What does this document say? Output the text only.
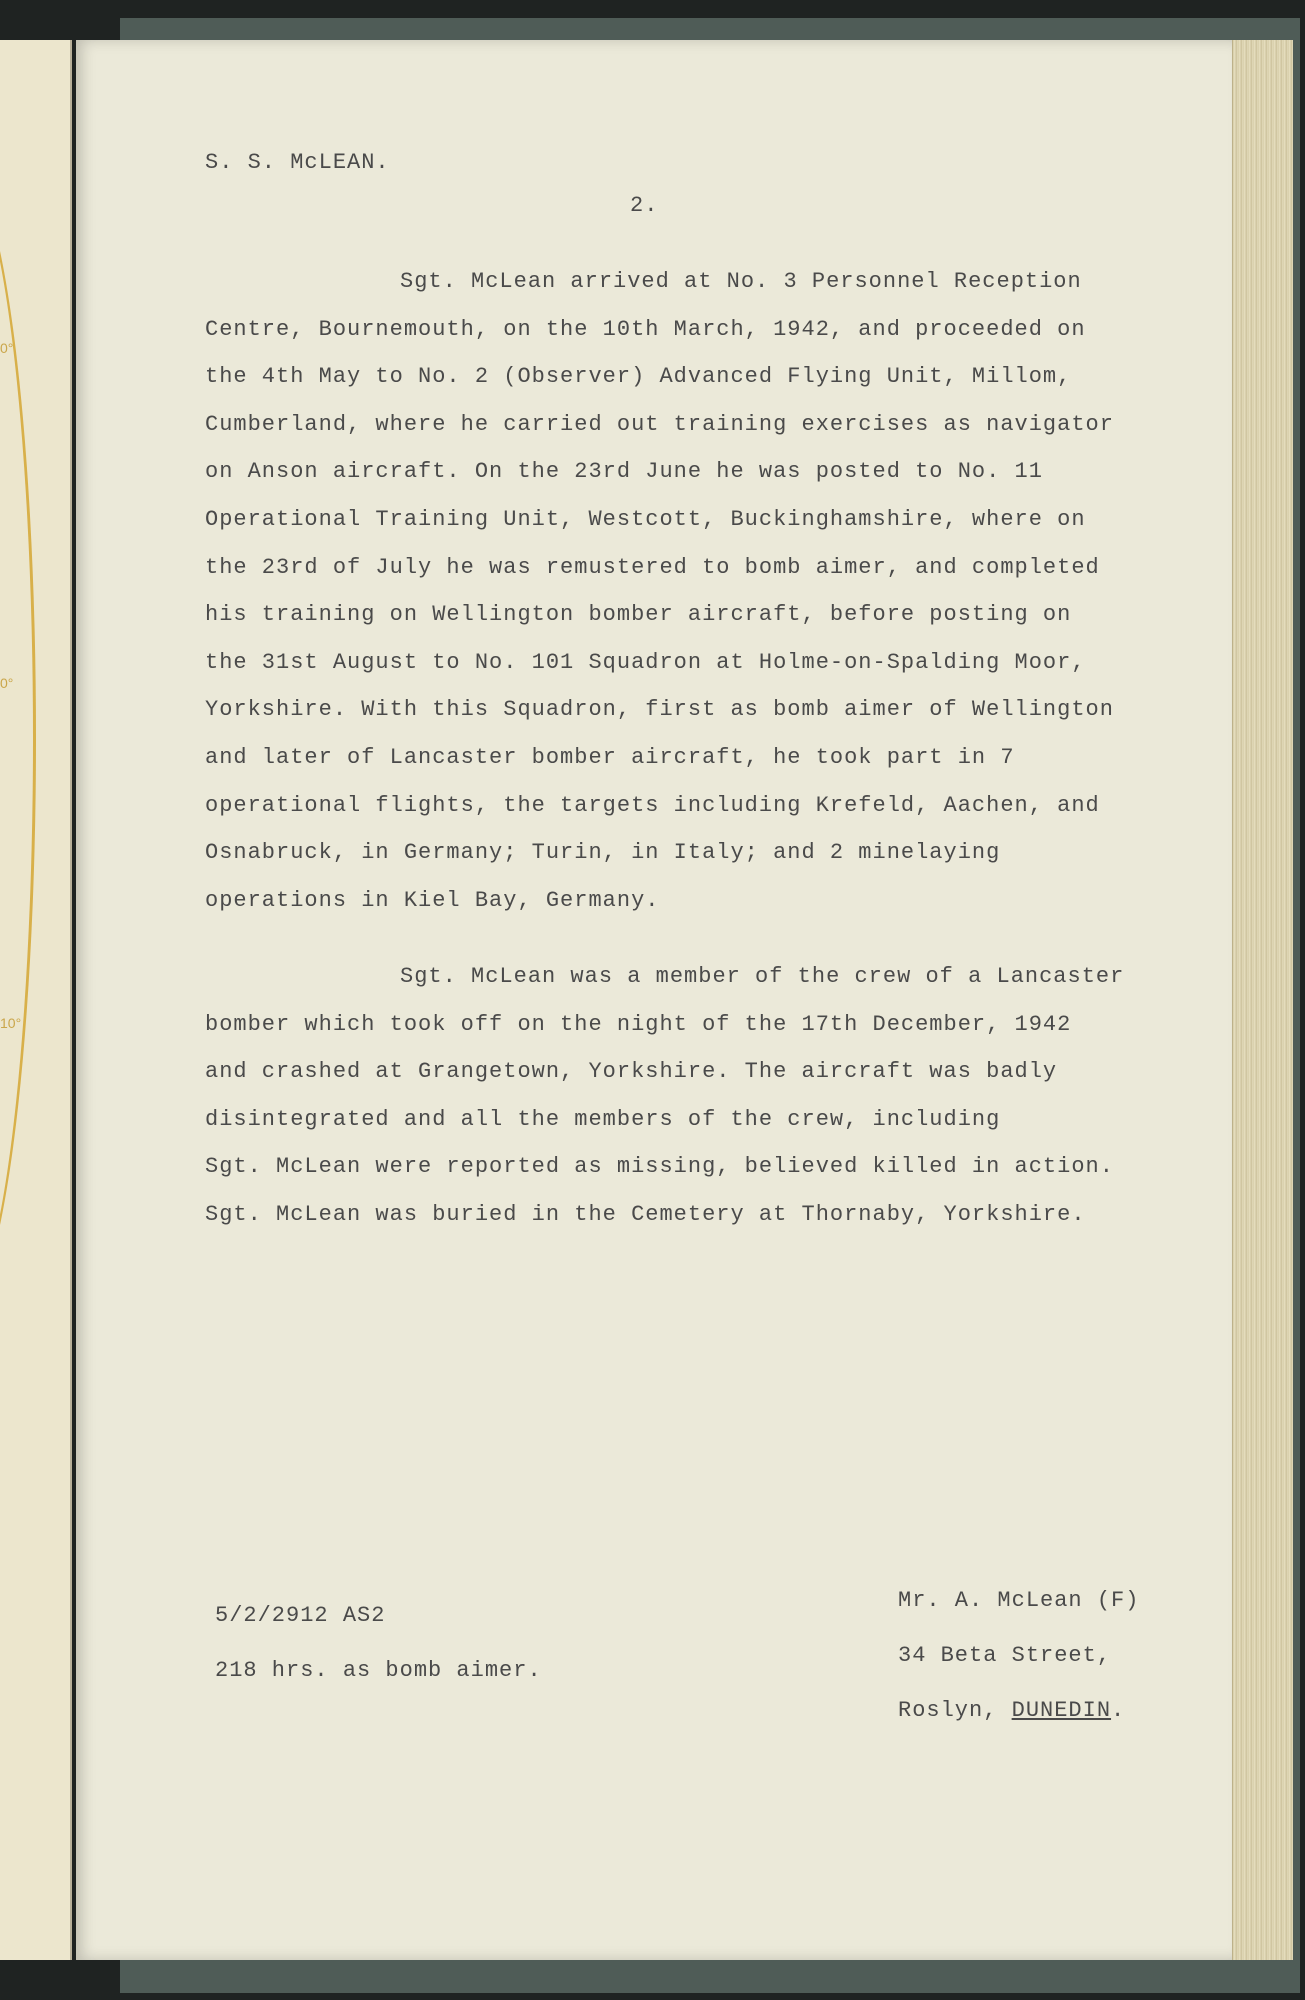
0°
0°
10°
S. S. McLEAN.
2.
Sgt. McLean arrived at No. 3 Personnel Reception
Centre, Bournemouth, on the 10th March, 1942, and proceeded on
the 4th May to No. 2 (Observer) Advanced Flying Unit, Millom,
Cumberland, where he carried out training exercises as navigator
on Anson aircraft. On the 23rd June he was posted to No. 11
Operational Training Unit, Westcott, Buckinghamshire, where on
the 23rd of July he was remustered to bomb aimer, and completed
his training on Wellington bomber aircraft, before posting on
the 31st August to No. 101 Squadron at Holme-on-Spalding Moor,
Yorkshire. With this Squadron, first as bomb aimer of Wellington
and later of Lancaster bomber aircraft, he took part in 7
operational flights, the targets including Krefeld, Aachen, and
Osnabruck, in Germany; Turin, in Italy; and 2 minelaying
operations in Kiel Bay, Germany.
Sgt. McLean was a member of the crew of a Lancaster
bomber which took off on the night of the 17th December, 1942
and crashed at Grangetown, Yorkshire. The aircraft was badly
disintegrated and all the members of the crew, including
Sgt. McLean were reported as missing, believed killed in action.
Sgt. McLean was buried in the Cemetery at Thornaby, Yorkshire.
5/2/2912 AS2
218 hrs. as bomb aimer.
Mr. A. McLean (F)
34 Beta Street,
Roslyn, DUNEDIN.
